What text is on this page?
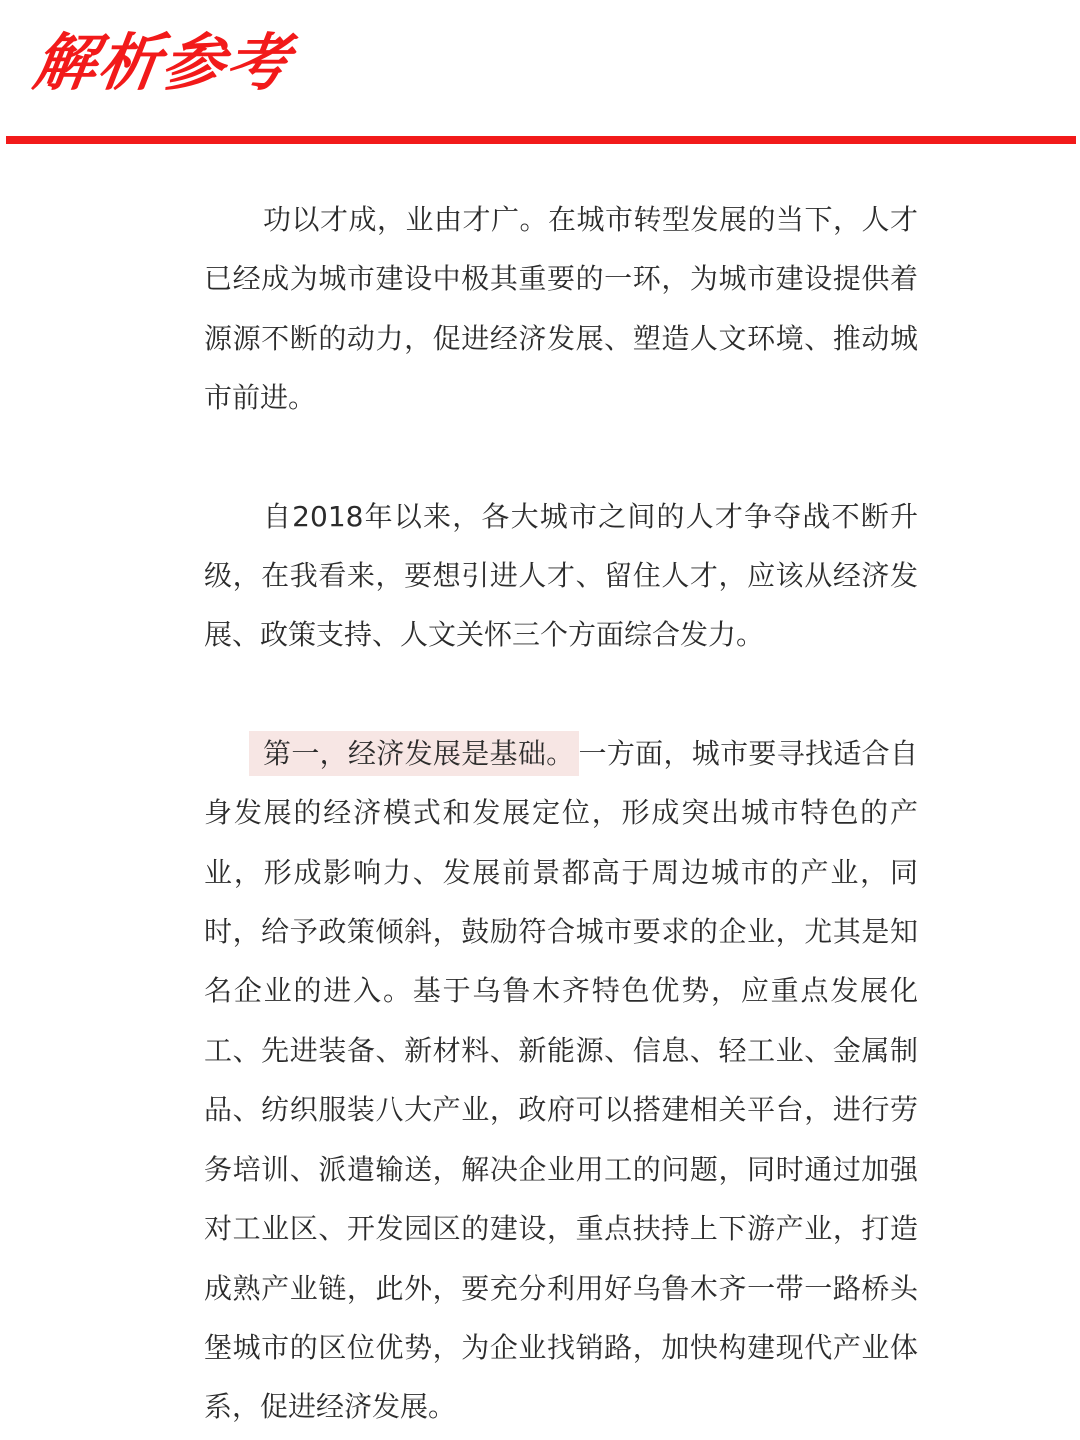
解析参考

功以才成，业由才广。在城市转型发展的当下，人才已经成为城市建设中极其重要的一环，为城市建设提供着源源不断的动力，促进经济发展、塑造人文环境、推动城市前进。

自2018年以来，各大城市之间的人才争夺战不断升级，在我看来，要想引进人才、留住人才，应该从经济发展、政策支持、人文关怀三个方面综合发力。

第一，经济发展是基础。 一方面，城市要寻找适合自身发展的经济模式和发展定位，形成突出城市特色的产业，形成影响力、发展前景都高于周边城市的产业，同时，给予政策倾斜，鼓励符合城市要求的企业，尤其是知名企业的进入。基于乌鲁木齐特色优势，应重点发展化工、先进装备、新材料、新能源、信息、轻工业、金属制品、纺织服装八大产业，政府可以搭建相关平台，进行劳务培训、派遣输送，解决企业用工的问题，同时通过加强对工业区、开发园区的建设，重点扶持上下游产业，打造成熟产业链，此外，要充分利用好乌鲁木齐一带一路桥头堡城市的区位优势，为企业找销路，加快构建现代产业体系，促进经济发展。
